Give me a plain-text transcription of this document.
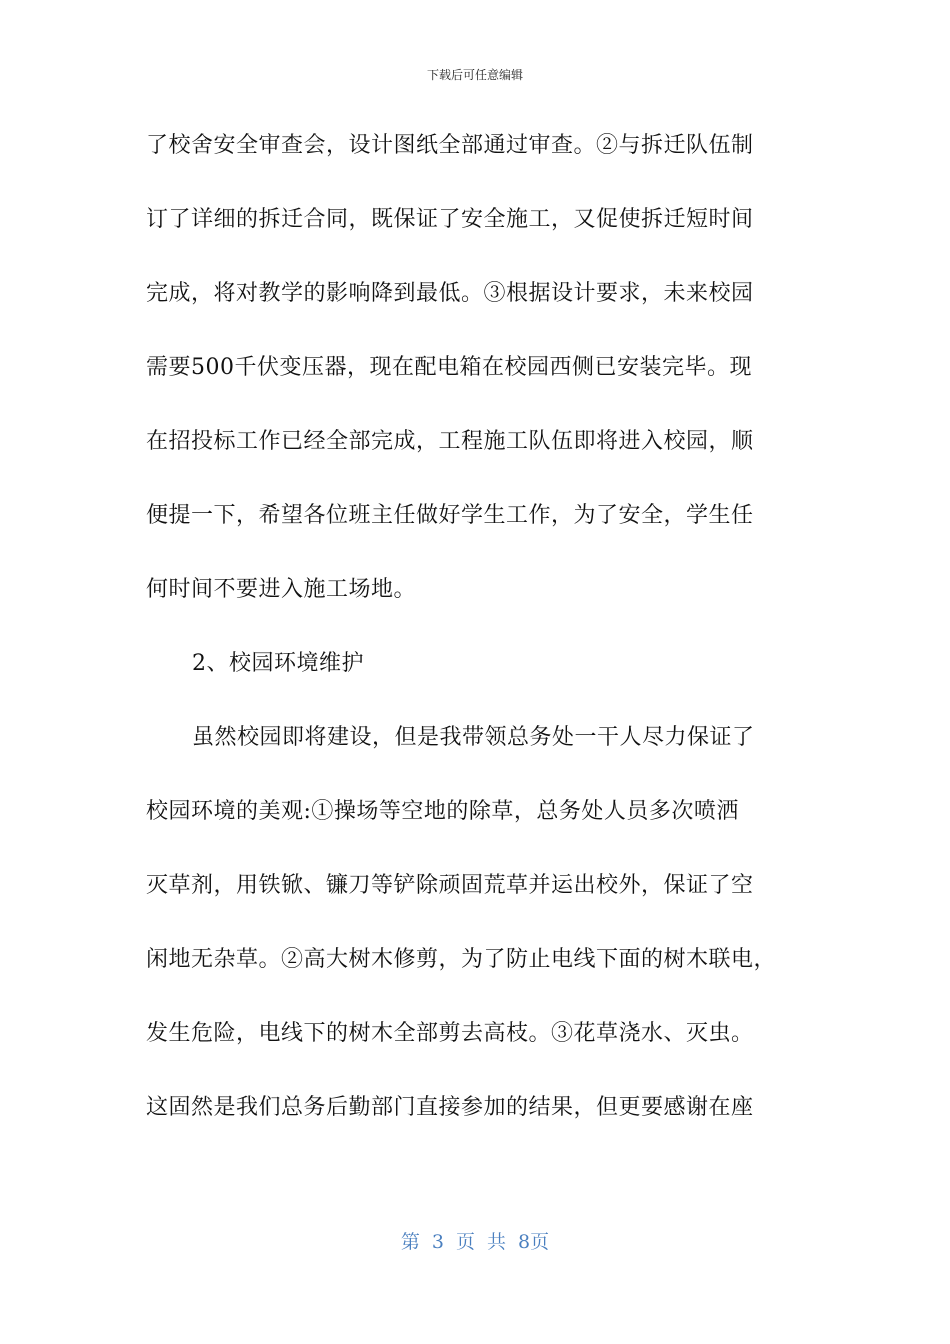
下载后可任意编辑
了校舍安全审查会，设计图纸全部通过审查。②与拆迁队伍制
订了详细的拆迁合同，既保证了安全施工，又促使拆迁短时间
完成，将对教学的影响降到最低。③根据设计要求，未来校园
需要500千伏变压器，现在配电箱在校园西侧已安装完毕。现
在招投标工作已经全部完成，工程施工队伍即将进入校园，顺
便提一下，希望各位班主任做好学生工作，为了安全，学生任
何时间不要进入施工场地。
2、校园环境维护
虽然校园即将建设，但是我带领总务处一干人尽力保证了
校园环境的美观:①操场等空地的除草，总务处人员多次喷洒
灭草剂，用铁锨、镰刀等铲除顽固荒草并运出校外，保证了空
闲地无杂草。②高大树木修剪，为了防止电线下面的树木联电，
发生危险，电线下的树木全部剪去高枝。③花草浇水、灭虫。
这固然是我们总务后勤部门直接参加的结果，但更要感谢在座
第 3 页 共 8页
